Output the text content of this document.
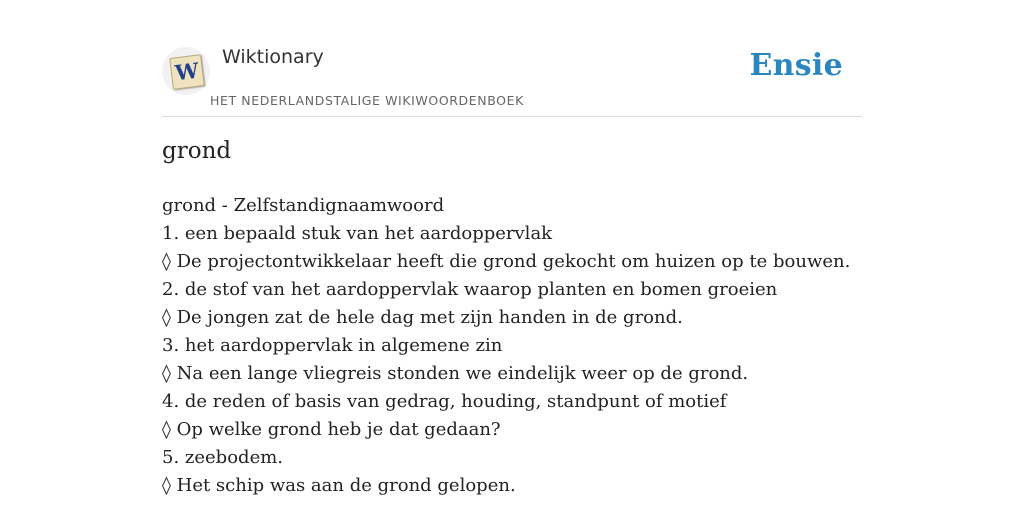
W
Wiktionary
HET NEDERLANDSTALIGE WIKIWOORDENBOEK
Ensie
grond
grond - Zelfstandignaamwoord
1. een bepaald stuk van het aardoppervlak
◊ De projectontwikkelaar heeft die grond gekocht om huizen op te bouwen.
2. de stof van het aardoppervlak waarop planten en bomen groeien
◊ De jongen zat de hele dag met zijn handen in de grond.
3. het aardoppervlak in algemene zin
◊ Na een lange vliegreis stonden we eindelijk weer op de grond.
4. de reden of basis van gedrag, houding, standpunt of motief
◊ Op welke grond heb je dat gedaan?
5. zeebodem.
◊ Het schip was aan de grond gelopen.
